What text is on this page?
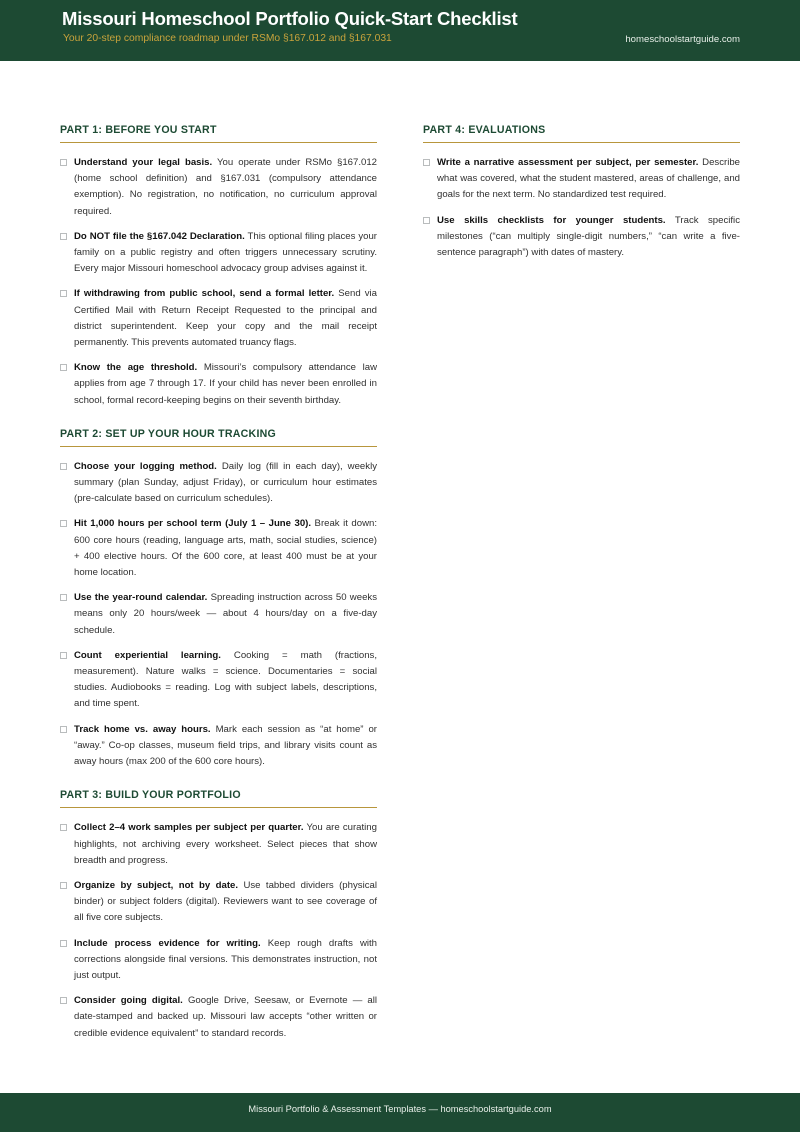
Missouri Homeschool Portfolio Quick-Start Checklist
Your 20-step compliance roadmap under RSMo §167.012 and §167.031	homeschoolstartguide.com
PART 1: BEFORE YOU START
Understand your legal basis. You operate under RSMo §167.012 (home school definition) and §167.031 (compulsory attendance exemption). No registration, no notification, no curriculum approval required.
Do NOT file the §167.042 Declaration. This optional filing places your family on a public registry and often triggers unnecessary scrutiny. Every major Missouri homeschool advocacy group advises against it.
If withdrawing from public school, send a formal letter. Send via Certified Mail with Return Receipt Requested to the principal and district superintendent. Keep your copy and the mail receipt permanently. This prevents automated truancy flags.
Know the age threshold. Missouri’s compulsory attendance law applies from age 7 through 17. If your child has never been enrolled in school, formal record-keeping begins on their seventh birthday.
PART 2: SET UP YOUR HOUR TRACKING
Choose your logging method. Daily log (fill in each day), weekly summary (plan Sunday, adjust Friday), or curriculum hour estimates (pre-calculate based on curriculum schedules).
Hit 1,000 hours per school term (July 1 – June 30). Break it down: 600 core hours (reading, language arts, math, social studies, science) + 400 elective hours. Of the 600 core, at least 400 must be at your home location.
Use the year-round calendar. Spreading instruction across 50 weeks means only 20 hours/week — about 4 hours/day on a five-day schedule.
Count experiential learning. Cooking = math (fractions, measurement). Nature walks = science. Documentaries = social studies. Audiobooks = reading. Log with subject labels, descriptions, and time spent.
Track home vs. away hours. Mark each session as “at home” or “away.” Co-op classes, museum field trips, and library visits count as away hours (max 200 of the 600 core hours).
PART 3: BUILD YOUR PORTFOLIO
Collect 2–4 work samples per subject per quarter. You are curating highlights, not archiving every worksheet. Select pieces that show breadth and progress.
Organize by subject, not by date. Use tabbed dividers (physical binder) or subject folders (digital). Reviewers want to see coverage of all five core subjects.
Include process evidence for writing. Keep rough drafts with corrections alongside final versions. This demonstrates instruction, not just output.
Consider going digital. Google Drive, Seesaw, or Evernote — all date-stamped and backed up. Missouri law accepts “other written or credible evidence equivalent” to standard records.
PART 4: EVALUATIONS
Write a narrative assessment per subject, per semester. Describe what was covered, what the student mastered, areas of challenge, and goals for the next term. No standardized test required.
Use skills checklists for younger students. Track specific milestones (“can multiply single-digit numbers,” “can write a five-sentence paragraph”) with dates of mastery.
Missouri Portfolio & Assessment Templates — homeschoolstartguide.com
